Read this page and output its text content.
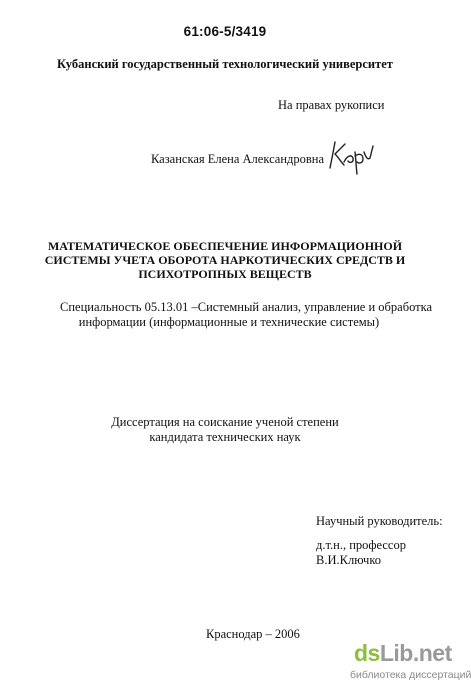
61:06-5/3419
Кубанский государственный технологический университет
На правах рукописи
Казанская Елена Александровна
МАТЕМАТИЧЕСКОЕ ОБЕСПЕЧЕНИЕ ИНФОРМАЦИОННОЙ
СИСТЕМЫ УЧЕТА ОБОРОТА НАРКОТИЧЕСКИХ СРЕДСТВ И
ПСИХОТРОПНЫХ ВЕЩЕСТВ
Специальность 05.13.01 –Системный анализ, управление и обработка
информации (информационные и технические системы)
Диссертация на соискание ученой степени
кандидата технических наук
Научный руководитель:
д.т.н., профессор
В.И.Ключко
Краснодар – 2006
dsLib.net
библиотека диссертаций
